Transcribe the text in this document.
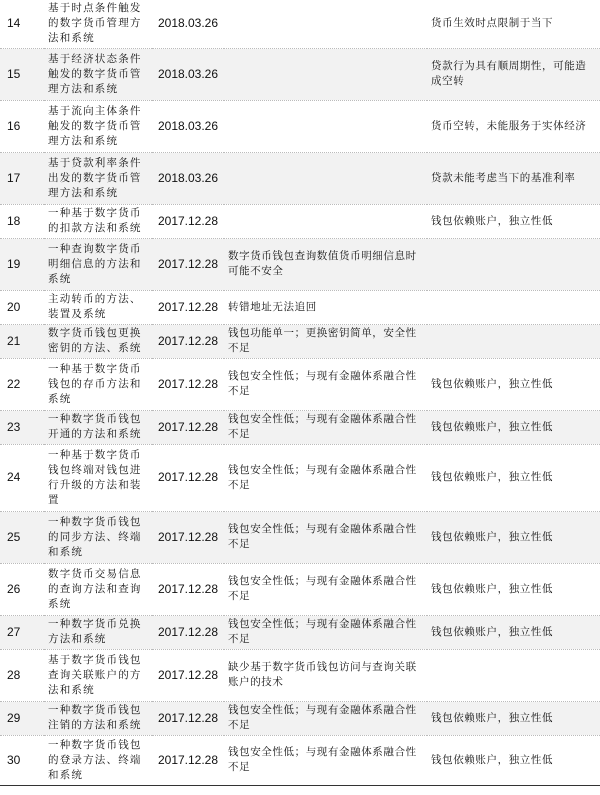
14	基于时点条件触发的数字货币管理方法和系统	2018.03.26		货币生效时点限制于当下
15	基于经济状态条件触发的数字货币管理方法和系统	2018.03.26		贷款行为具有顺周期性，可能造成空转
16	基于流向主体条件触发的数字货币管理方法和系统	2018.03.26		货币空转，未能服务于实体经济
17	基于贷款利率条件出发的数字货币管理方法和系统	2018.03.26		贷款未能考虑当下的基准利率
18	一种基于数字货币的扣款方法和系统	2017.12.28		钱包依赖账户，独立性低
19	一种查询数字货币明细信息的方法和系统	2017.12.28	数字货币钱包查询数值货币明细信息时可能不安全	
20	主动转币的方法、装置及系统	2017.12.28	转错地址无法追回	
21	数字货币钱包更换密钥的方法、系统	2017.12.28	钱包功能单一；更换密钥简单，安全性不足	
22	一种基于数字货币钱包的存币方法和系统	2017.12.28	钱包安全性低；与现有金融体系融合性不足	钱包依赖账户，独立性低
23	一种数字货币钱包开通的方法和系统	2017.12.28	钱包安全性低；与现有金融体系融合性不足	钱包依赖账户，独立性低
24	一种基于数字货币钱包终端对钱包进行升级的方法和装置	2017.12.28	钱包安全性低；与现有金融体系融合性不足	钱包依赖账户，独立性低
25	一种数字货币钱包的同步方法、终端和系统	2017.12.28	钱包安全性低；与现有金融体系融合性不足	钱包依赖账户，独立性低
26	数字货币交易信息的查询方法和查询系统	2017.12.28	钱包安全性低；与现有金融体系融合性不足	钱包依赖账户，独立性低
27	一种数字货币兑换方法和系统	2017.12.28	钱包安全性低；与现有金融体系融合性不足	钱包依赖账户，独立性低
28	基于数字货币钱包查询关联账户的方法和系统	2017.12.28	缺少基于数字货币钱包访问与查询关联账户的技术	
29	一种数字货币钱包注销的方法和系统	2017.12.28	钱包安全性低；与现有金融体系融合性不足	钱包依赖账户，独立性低
30	一种数字货币钱包的登录方法、终端和系统	2017.12.28	钱包安全性低；与现有金融体系融合性不足	钱包依赖账户，独立性低
